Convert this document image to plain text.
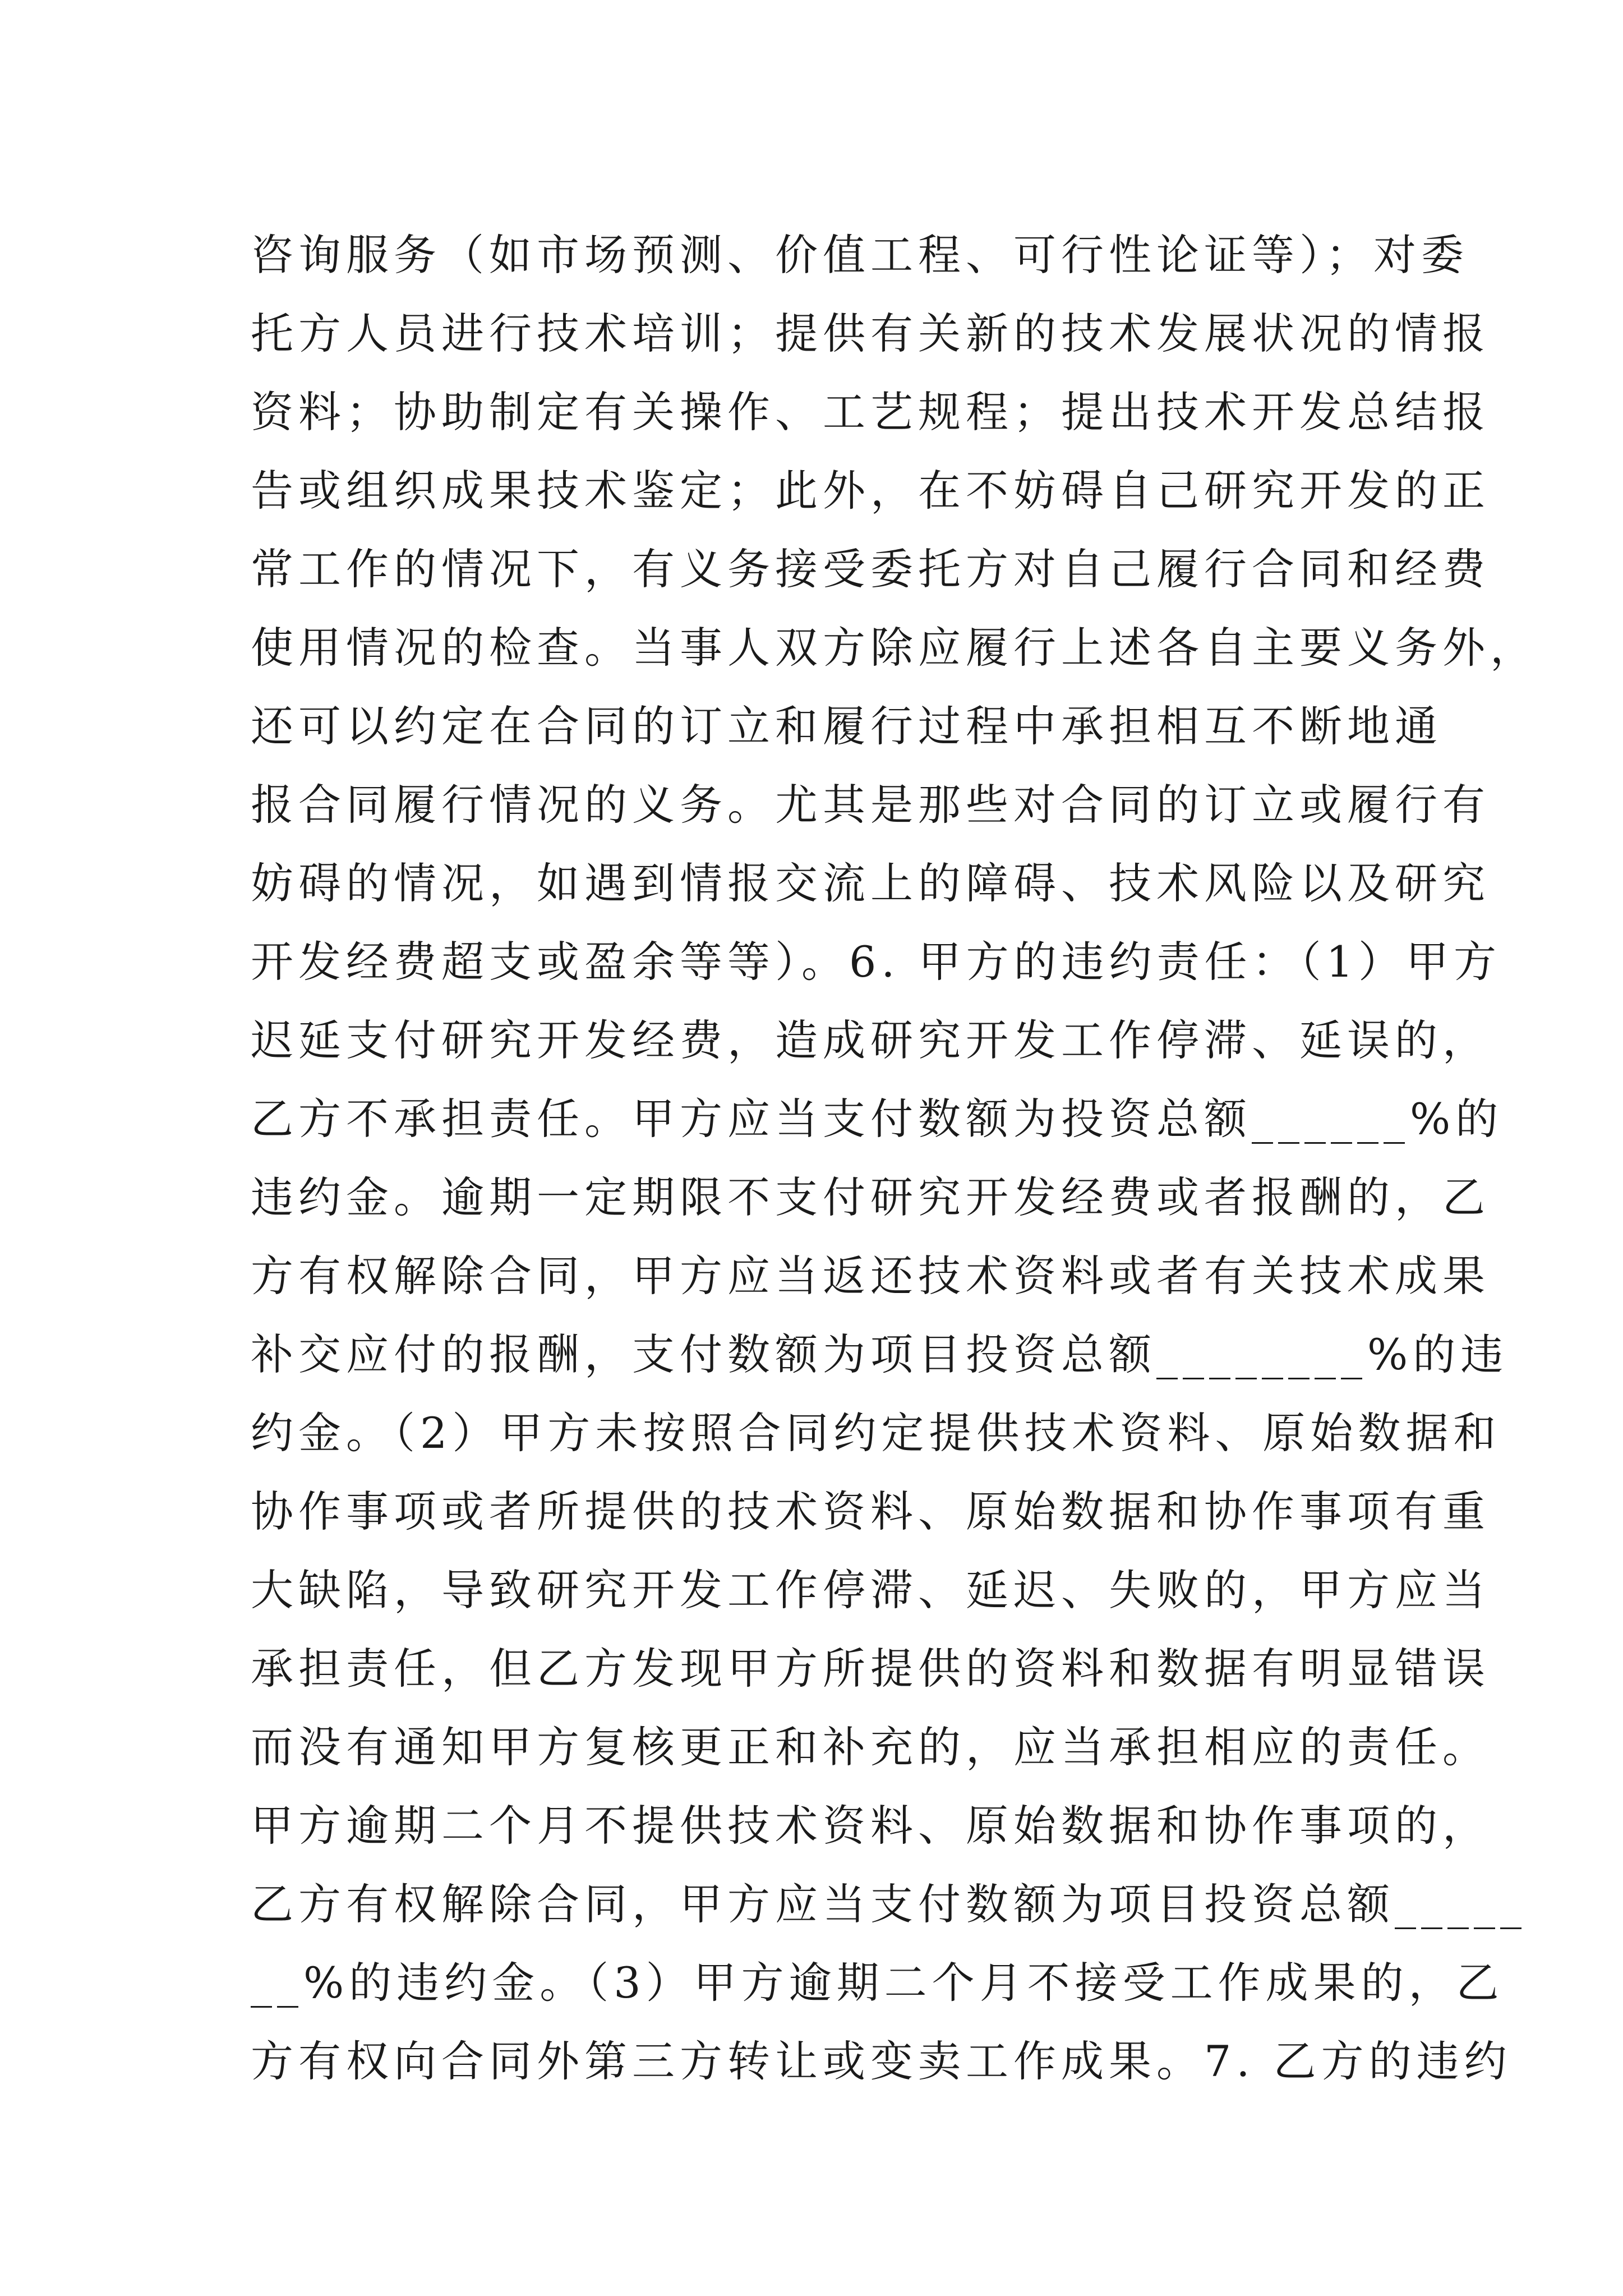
咨询服务（如市场预测、价值工程、可行性论证等）；对委
托方人员进行技术培训；提供有关新的技术发展状况的情报
资料；协助制定有关操作、工艺规程；提出技术开发总结报
告或组织成果技术鉴定；此外，在不妨碍自己研究开发的正
常工作的情况下，有义务接受委托方对自己履行合同和经费
使用情况的检查。当事人双方除应履行上述各自主要义务外，
还可以约定在合同的订立和履行过程中承担相互不断地通
报合同履行情况的义务。尤其是那些对合同的订立或履行有
妨碍的情况，如遇到情报交流上的障碍、技术风险以及研究
开发经费超支或盈余等等）。6. 甲方的违约责任：（1）甲方
迟延支付研究开发经费，造成研究开发工作停滞、延误的，
乙方不承担责任。甲方应当支付数额为投资总额______%的
违约金。逾期一定期限不支付研究开发经费或者报酬的，乙
方有权解除合同，甲方应当返还技术资料或者有关技术成果
补交应付的报酬，支付数额为项目投资总额________%的违
约金。（2）甲方未按照合同约定提供技术资料、原始数据和
协作事项或者所提供的技术资料、原始数据和协作事项有重
大缺陷，导致研究开发工作停滞、延迟、失败的，甲方应当
承担责任，但乙方发现甲方所提供的资料和数据有明显错误
而没有通知甲方复核更正和补充的，应当承担相应的责任。
甲方逾期二个月不提供技术资料、原始数据和协作事项的，
乙方有权解除合同，甲方应当支付数额为项目投资总额_____
__%的违约金。（3）甲方逾期二个月不接受工作成果的，乙
方有权向合同外第三方转让或变卖工作成果。7. 乙方的违约
